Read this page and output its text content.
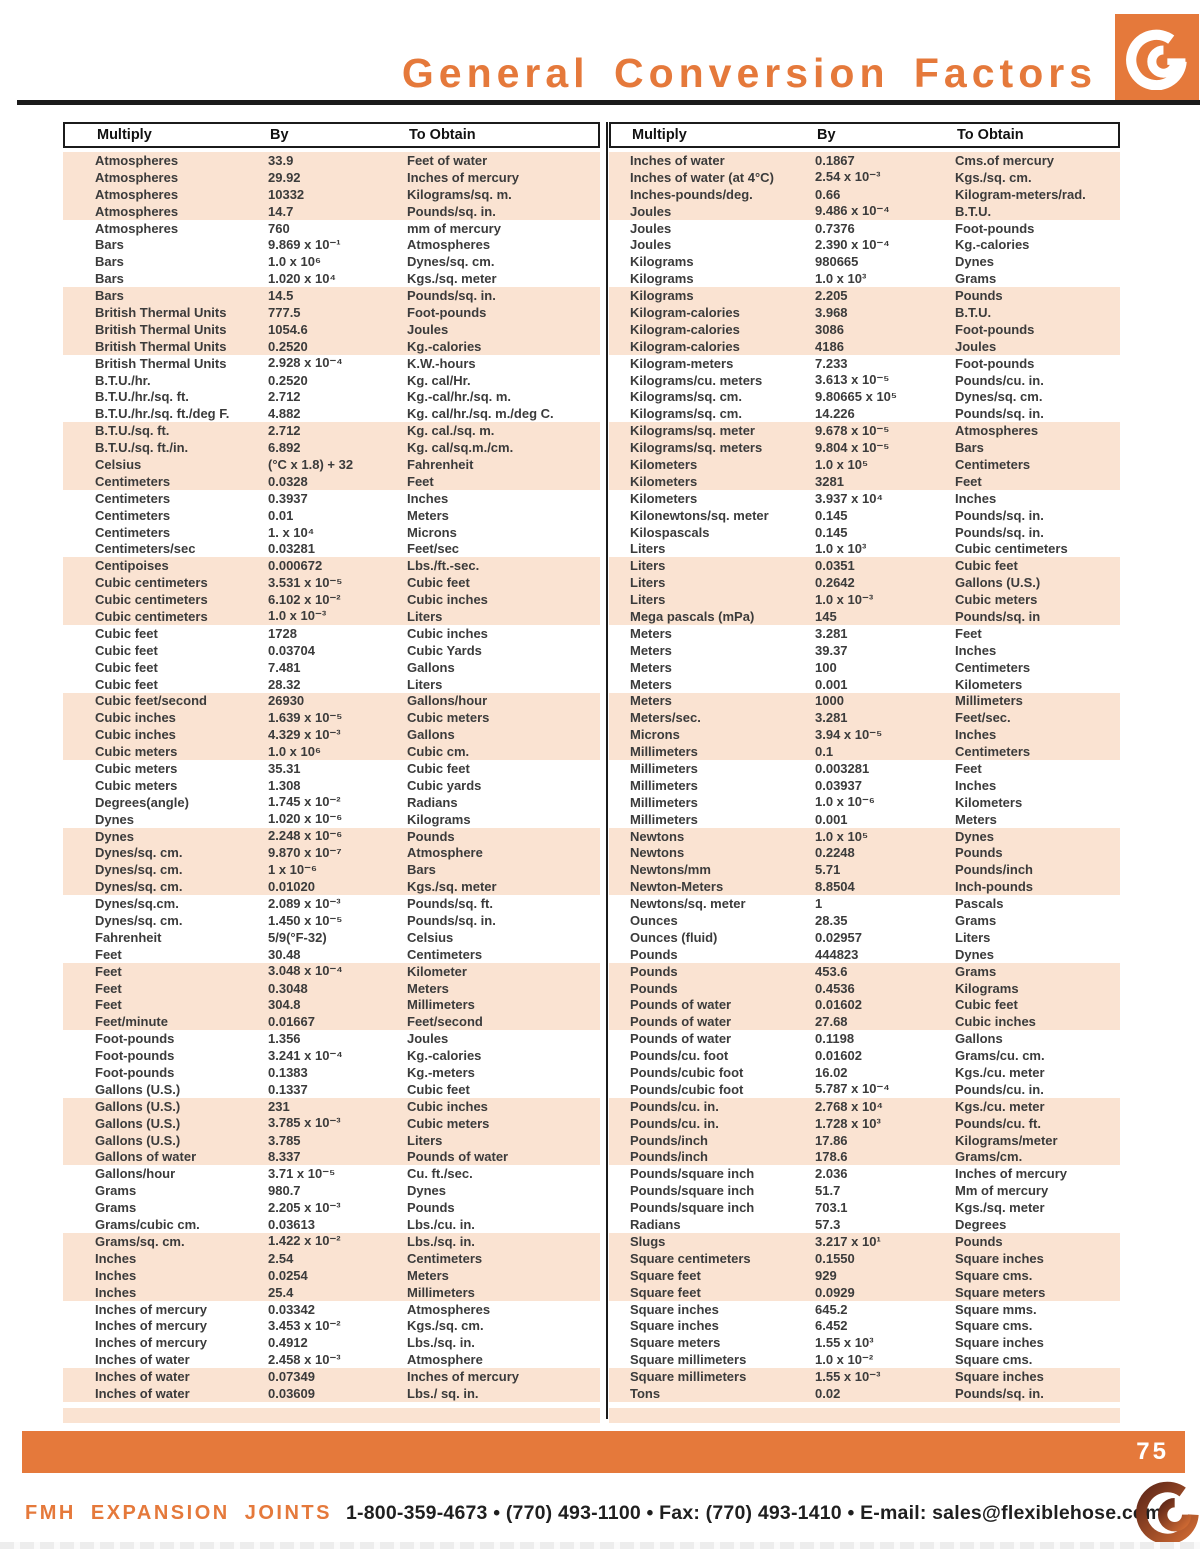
General Conversion Factors
Multiply	By	To Obtain	Multiply	By	To Obtain
Atmospheres	33.9	Feet of water
Atmospheres	29.92	Inches of mercury
Atmospheres	10332	Kilograms/sq. m.
Atmospheres	14.7	Pounds/sq. in.
Atmospheres	760	mm of mercury
Bars	9.869 x 10⁻¹	Atmospheres
Bars	1.0 x 10⁶	Dynes/sq. cm.
Bars	1.020 x 10⁴	Kgs./sq. meter
Bars	14.5	Pounds/sq. in.
British Thermal Units	777.5	Foot-pounds
British Thermal Units	1054.6	Joules
British Thermal Units	0.2520	Kg.-calories
British Thermal Units	2.928 x 10⁻⁴	K.W.-hours
B.T.U./hr.	0.2520	Kg. cal/Hr.
B.T.U./hr./sq. ft.	2.712	Kg.-cal/hr./sq. m.
B.T.U./hr./sq. ft./deg F.	4.882	Kg. cal/hr./sq. m./deg C.
B.T.U./sq. ft.	2.712	Kg. cal./sq. m.
B.T.U./sq. ft./in.	6.892	Kg. cal/sq.m./cm.
Celsius	(°C x 1.8) + 32	Fahrenheit
Centimeters	0.0328	Feet
Centimeters	0.3937	Inches
Centimeters	0.01	Meters
Centimeters	1. x 10⁴	Microns
Centimeters/sec	0.03281	Feet/sec
Centipoises	0.000672	Lbs./ft.-sec.
Cubic centimeters	3.531 x 10⁻⁵	Cubic feet
Cubic centimeters	6.102 x 10⁻²	Cubic inches
Cubic centimeters	1.0 x 10⁻³	Liters
Cubic feet	1728	Cubic inches
Cubic feet	0.03704	Cubic Yards
Cubic feet	7.481	Gallons
Cubic feet	28.32	Liters
Cubic feet/second	26930	Gallons/hour
Cubic inches	1.639 x 10⁻⁵	Cubic meters
Cubic inches	4.329 x 10⁻³	Gallons
Cubic meters	1.0 x 10⁶	Cubic cm.
Cubic meters	35.31	Cubic feet
Cubic meters	1.308	Cubic yards
Degrees(angle)	1.745 x 10⁻²	Radians
Dynes	1.020 x 10⁻⁶	Kilograms
Dynes	2.248 x 10⁻⁶	Pounds
Dynes/sq. cm.	9.870 x 10⁻⁷	Atmosphere
Dynes/sq. cm.	1 x 10⁻⁶	Bars
Dynes/sq. cm.	0.01020	Kgs./sq. meter
Dynes/sq.cm.	2.089 x 10⁻³	Pounds/sq. ft.
Dynes/sq. cm.	1.450 x 10⁻⁵	Pounds/sq. in.
Fahrenheit	5/9(°F-32)	Celsius
Feet	30.48	Centimeters
Feet	3.048 x 10⁻⁴	Kilometer
Feet	0.3048	Meters
Feet	304.8	Millimeters
Feet/minute	0.01667	Feet/second
Foot-pounds	1.356	Joules
Foot-pounds	3.241 x 10⁻⁴	Kg.-calories
Foot-pounds	0.1383	Kg.-meters
Gallons (U.S.)	0.1337	Cubic feet
Gallons (U.S.)	231	Cubic inches
Gallons (U.S.)	3.785 x 10⁻³	Cubic meters
Gallons (U.S.)	3.785	Liters
Gallons of water	8.337	Pounds of water
Gallons/hour	3.71 x 10⁻⁵	Cu. ft./sec.
Grams	980.7	Dynes
Grams	2.205 x 10⁻³	Pounds
Grams/cubic cm.	0.03613	Lbs./cu. in.
Grams/sq. cm.	1.422 x 10⁻²	Lbs./sq. in.
Inches	2.54	Centimeters
Inches	0.0254	Meters
Inches	25.4	Millimeters
Inches of mercury	0.03342	Atmospheres
Inches of mercury	3.453 x 10⁻²	Kgs./sq. cm.
Inches of mercury	0.4912	Lbs./sq. in.
Inches of water	2.458 x 10⁻³	Atmosphere
Inches of water	0.07349	Inches of mercury
Inches of water	0.03609	Lbs./ sq. in.
Inches of water	0.1867	Cms.of mercury
Inches of water (at 4°C)	2.54 x 10⁻³	Kgs./sq. cm.
Inches-pounds/deg.	0.66	Kilogram-meters/rad.
Joules	9.486 x 10⁻⁴	B.T.U.
Joules	0.7376	Foot-pounds
Joules	2.390 x 10⁻⁴	Kg.-calories
Kilograms	980665	Dynes
Kilograms	1.0 x 10³	Grams
Kilograms	2.205	Pounds
Kilogram-calories	3.968	B.T.U.
Kilogram-calories	3086	Foot-pounds
Kilogram-calories	4186	Joules
Kilogram-meters	7.233	Foot-pounds
Kilograms/cu. meters	3.613 x 10⁻⁵	Pounds/cu. in.
Kilograms/sq. cm.	9.80665 x 10⁵	Dynes/sq. cm.
Kilograms/sq. cm.	14.226	Pounds/sq. in.
Kilograms/sq. meter	9.678 x 10⁻⁵	Atmospheres
Kilograms/sq. meters	9.804 x 10⁻⁵	Bars
Kilometers	1.0 x 10⁵	Centimeters
Kilometers	3281	Feet
Kilometers	3.937 x 10⁴	Inches
Kilonewtons/sq. meter	0.145	Pounds/sq. in.
Kilospascals	0.145	Pounds/sq. in.
Liters	1.0 x 10³	Cubic centimeters
Liters	0.0351	Cubic feet
Liters	0.2642	Gallons (U.S.)
Liters	1.0 x 10⁻³	Cubic meters
Mega pascals (mPa)	145	Pounds/sq. in
Meters	3.281	Feet
Meters	39.37	Inches
Meters	100	Centimeters
Meters	0.001	Kilometers
Meters	1000	Millimeters
Meters/sec.	3.281	Feet/sec.
Microns	3.94 x 10⁻⁵	Inches
Millimeters	0.1	Centimeters
Millimeters	0.003281	Feet
Millimeters	0.03937	Inches
Millimeters	1.0 x 10⁻⁶	Kilometers
Millimeters	0.001	Meters
Newtons	1.0 x 10⁵	Dynes
Newtons	0.2248	Pounds
Newtons/mm	5.71	Pounds/inch
Newton-Meters	8.8504	Inch-pounds
Newtons/sq. meter	1	Pascals
Ounces	28.35	Grams
Ounces (fluid)	0.02957	Liters
Pounds	444823	Dynes
Pounds	453.6	Grams
Pounds	0.4536	Kilograms
Pounds of water	0.01602	Cubic feet
Pounds of water	27.68	Cubic inches
Pounds of water	0.1198	Gallons
Pounds/cu. foot	0.01602	Grams/cu. cm.
Pounds/cubic foot	16.02	Kgs./cu. meter
Pounds/cubic foot	5.787 x 10⁻⁴	Pounds/cu. in.
Pounds/cu. in.	2.768 x 10⁴	Kgs./cu. meter
Pounds/cu. in.	1.728 x 10³	Pounds/cu. ft.
Pounds/inch	17.86	Kilograms/meter
Pounds/inch	178.6	Grams/cm.
Pounds/square inch	2.036	Inches of mercury
Pounds/square inch	51.7	Mm of mercury
Pounds/square inch	703.1	Kgs./sq. meter
Radians	57.3	Degrees
Slugs	3.217 x 10¹	Pounds
Square centimeters	0.1550	Square inches
Square feet	929	Square cms.
Square feet	0.0929	Square meters
Square inches	645.2	Square mms.
Square inches	6.452	Square cms.
Square meters	1.55 x 10³	Square inches
Square millimeters	1.0 x 10⁻²	Square cms.
Square millimeters	1.55 x 10⁻³	Square inches
Tons	0.02	Pounds/sq. in.
75
FMH EXPANSION JOINTS 1-800-359-4673 • (770) 493-1100 • Fax: (770) 493-1410 • E-mail: sales@flexiblehose.com
